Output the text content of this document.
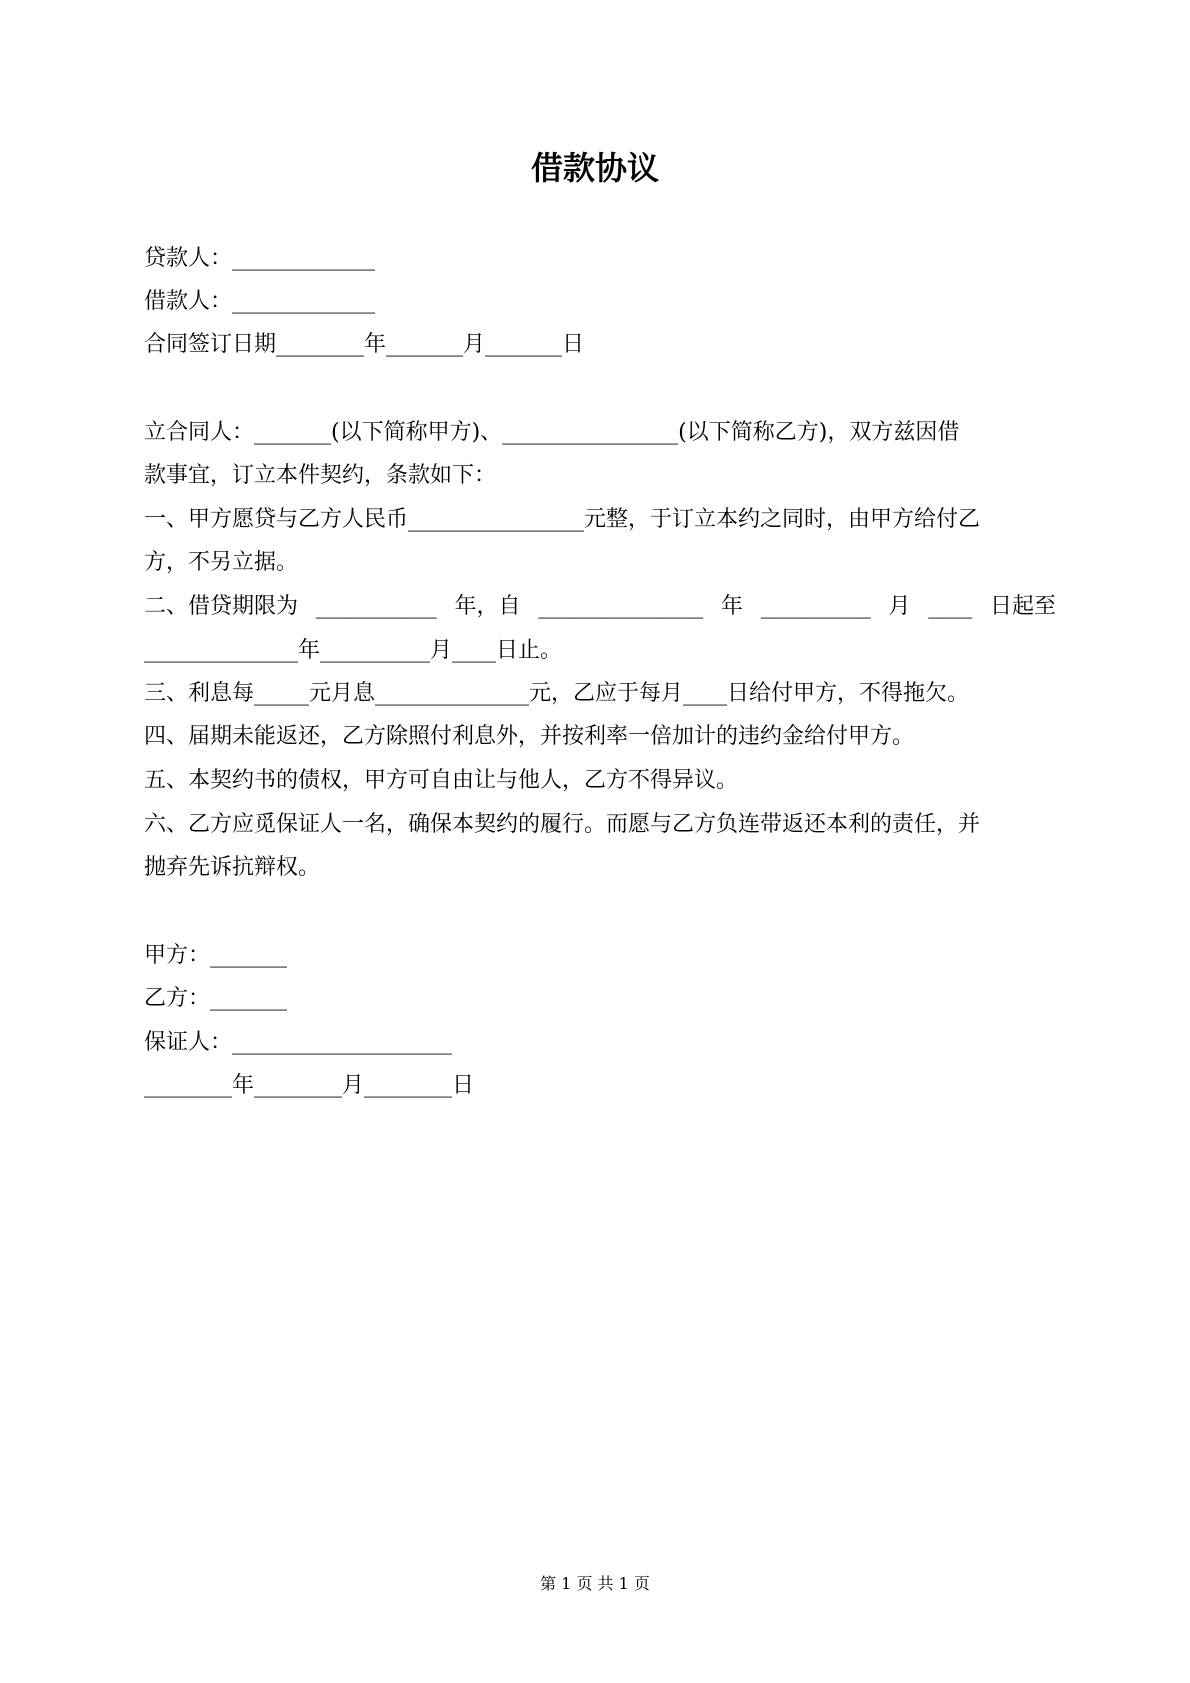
借款协议
贷款人：_____________
借款人：_____________
合同签订日期________年_______月_______日
立合同人：_______(以下简称甲方)、________________(以下简称乙方)，双方兹因借
款事宜，订立本件契约，条款如下：
一、甲方愿贷与乙方人民币________________元整，于订立本约之同时，由甲方给付乙
方，不另立据。
二、借贷期限为 ___________ 年，自 _______________ 年 __________ 月 ____ 日起至
______________年__________月____日止。
三、利息每_____元月息______________元，乙应于每月____日给付甲方，不得拖欠。
四、届期未能返还，乙方除照付利息外，并按利率一倍加计的违约金给付甲方。
五、本契约书的债权，甲方可自由让与他人，乙方不得异议。
六、乙方应觅保证人一名，确保本契约的履行。而愿与乙方负连带返还本利的责任，并
抛弃先诉抗辩权。
甲方：_______
乙方：_______
保证人：____________________
________年________月________日
第 1 页 共 1 页
